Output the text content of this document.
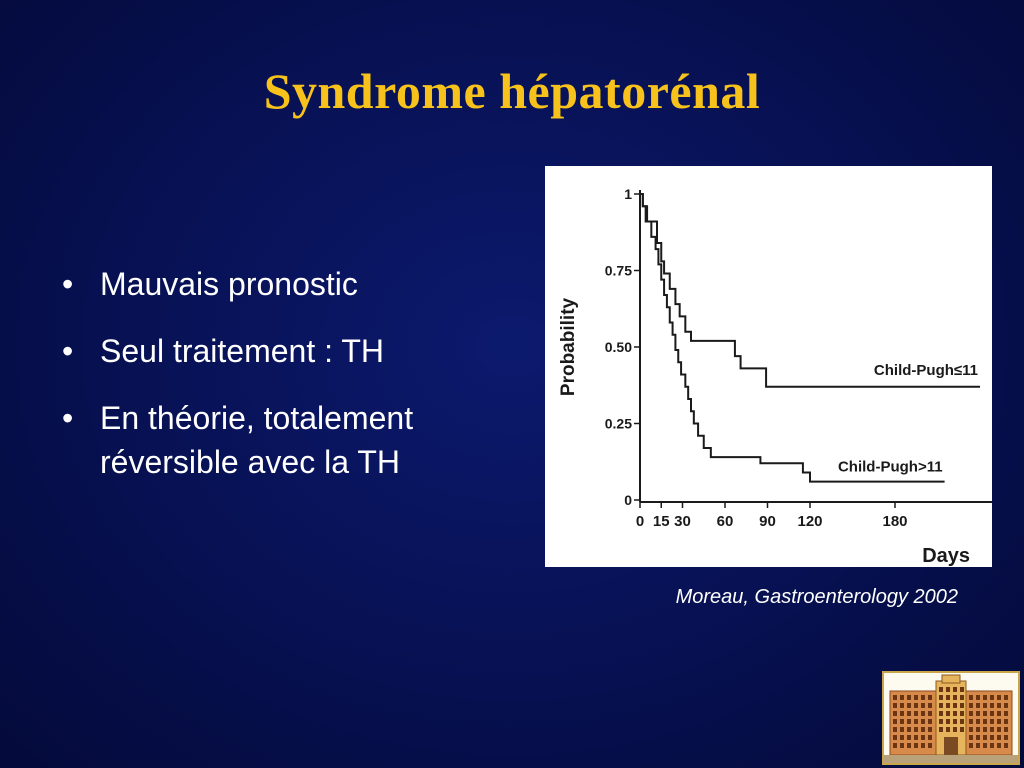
Syndrome hépatorénal
• Mauvais pronostic
• Seul traitement : TH
• En théorie, totalement réversible avec la TH
0
0.25
0.50
0.75
1
0 15 30 60 90 120	180
Probability
Days
Child-Pugh≤11
Child-Pugh>11
Moreau, Gastroenterology 2002
